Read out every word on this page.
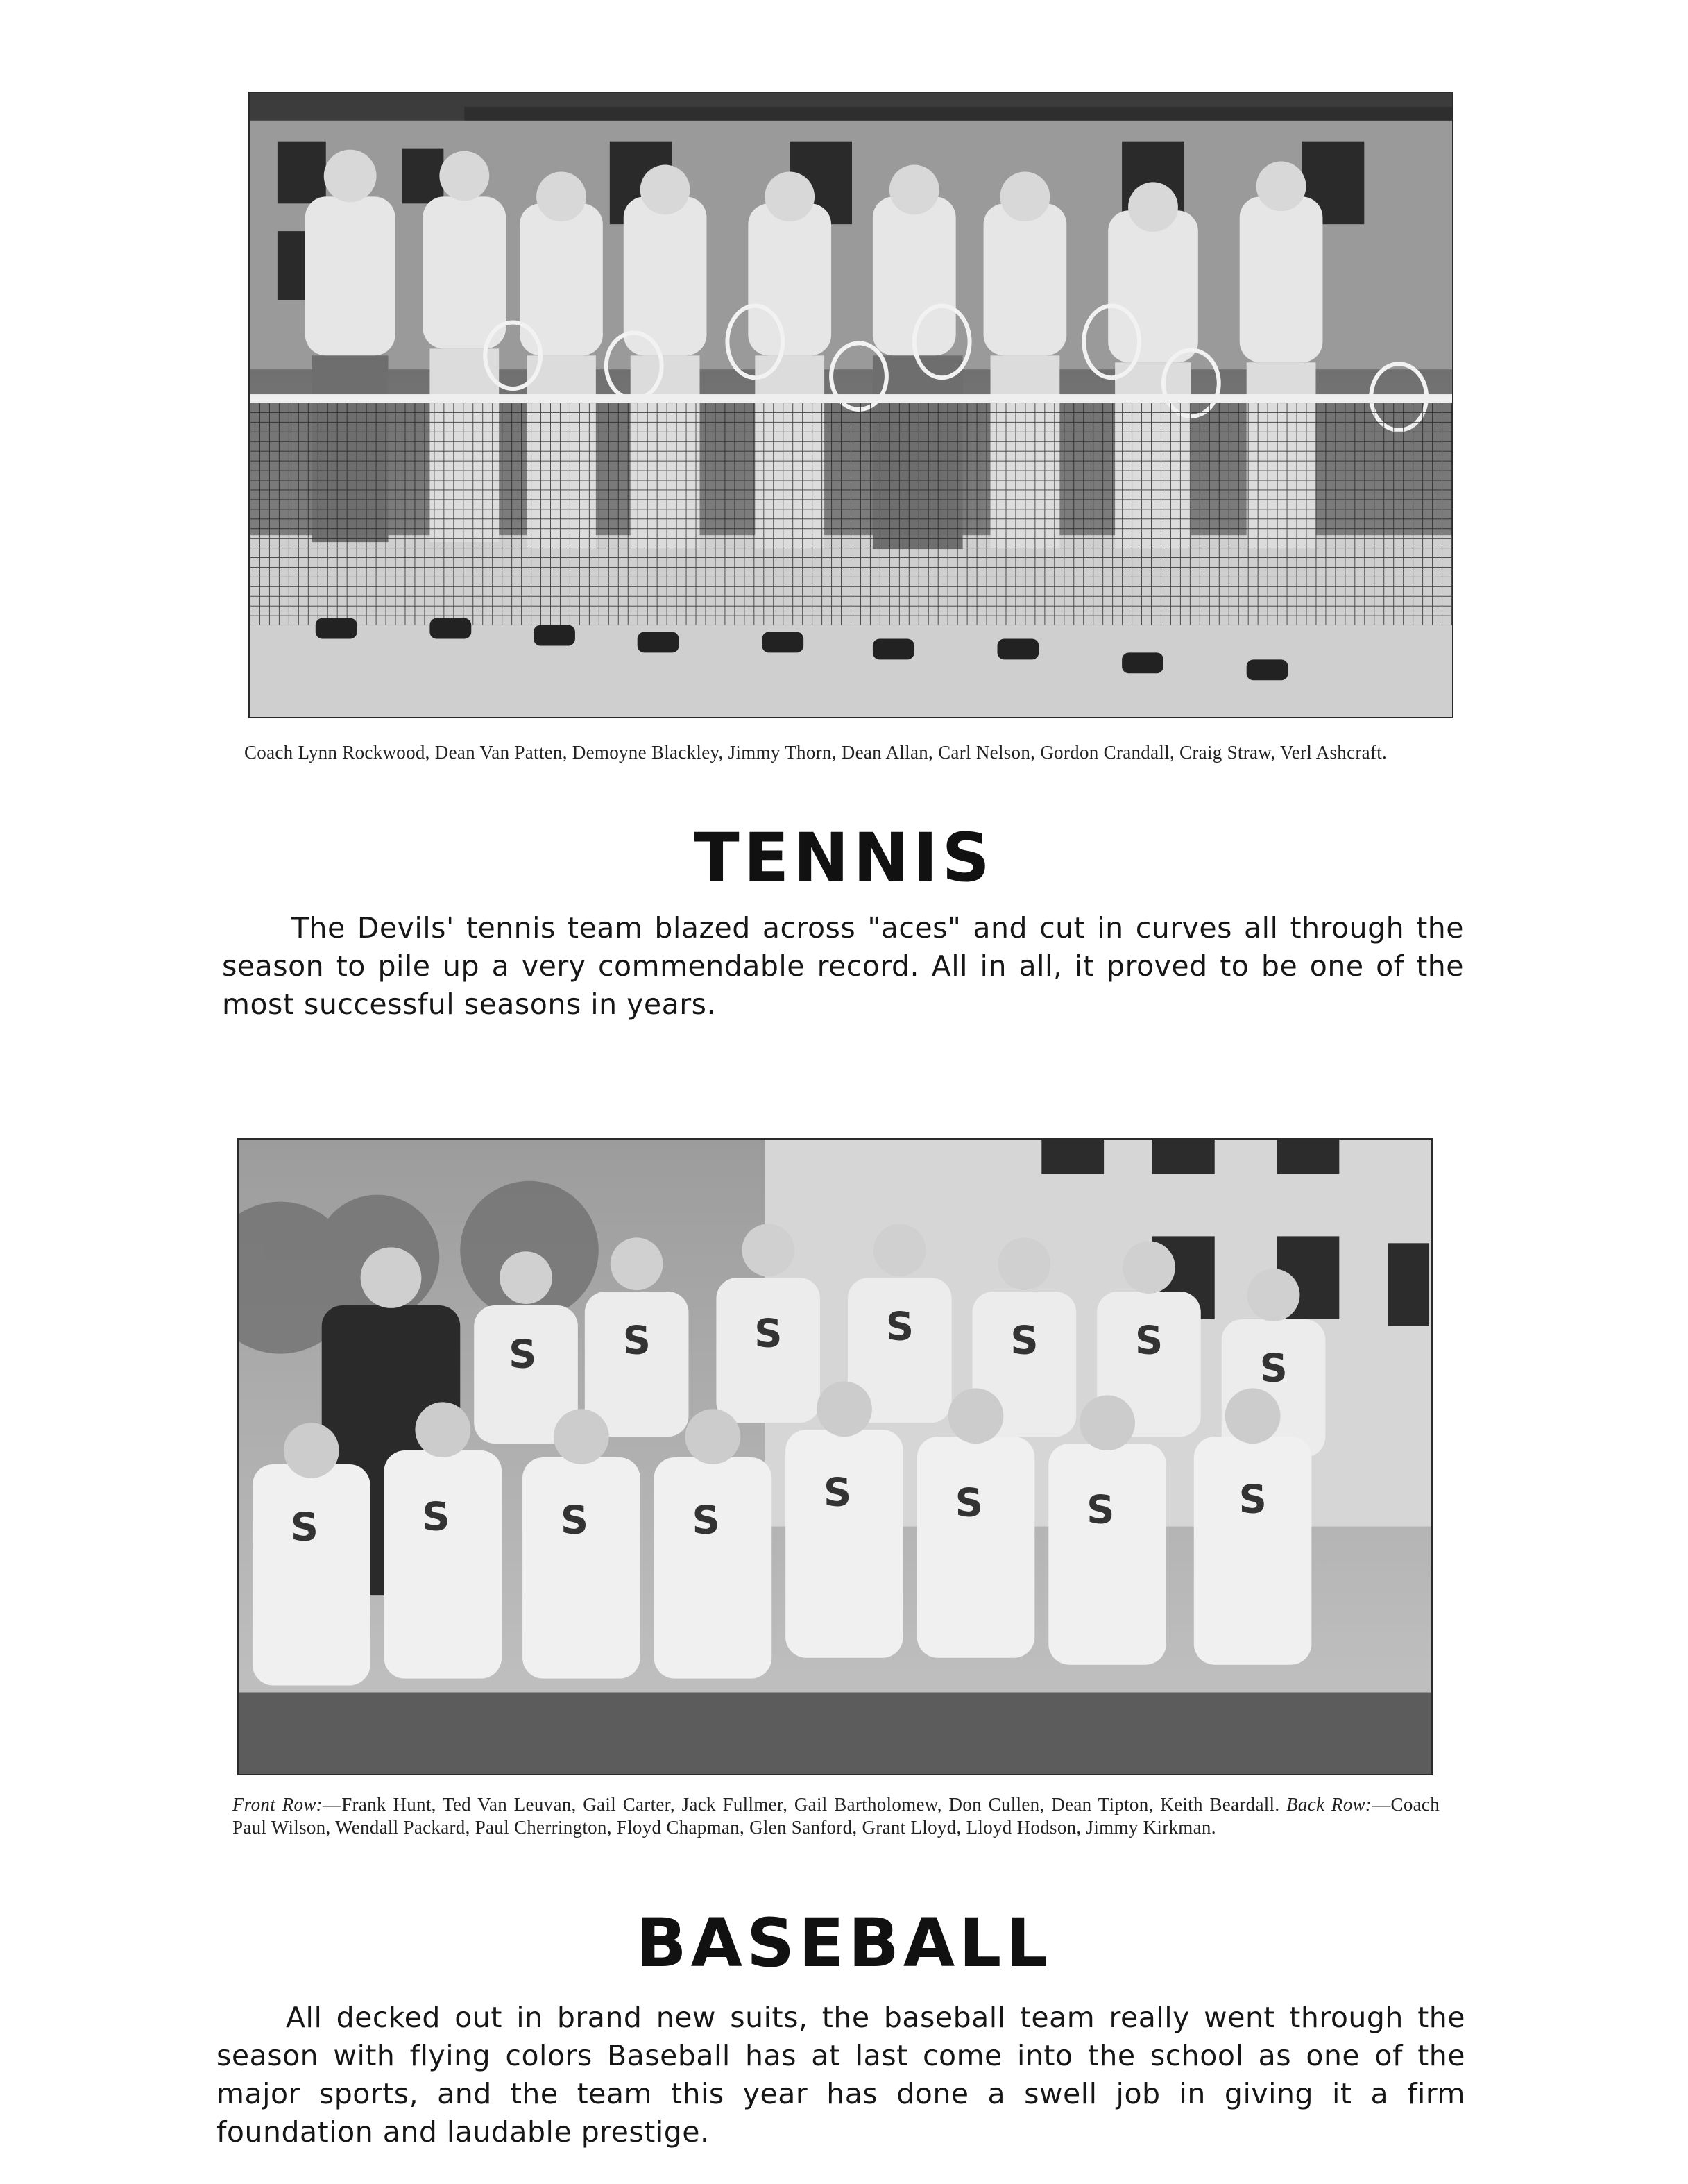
Coach Lynn Rockwood, Dean Van Patten, Demoyne Blackley, Jimmy Thorn, Dean Allan, Carl Nelson, Gordon Crandall, Craig Straw, Verl Ashcraft.

TENNIS

The Devils' tennis team blazed across "aces" and cut in curves all through the season to pile up a very commendable record. All in all, it proved to be one of the most successful seasons in years.

S S	S	S S S
S
S	S	S	S
S	S	S	S

Front Row:—Frank Hunt, Ted Van Leuvan, Gail Carter, Jack Fullmer, Gail Bartholomew, Don Cullen, Dean Tipton, Keith Beardall. Back Row:—Coach Paul Wilson, Wendall Packard, Paul Cherrington, Floyd Chapman, Glen Sanford, Grant Lloyd, Lloyd Hodson, Jimmy Kirkman.

BASEBALL

All decked out in brand new suits, the baseball team really went through the season with flying colors Baseball has at last come into the school as one of the major sports, and the team this year has done a swell job in giving it a firm foundation and laudable prestige.
